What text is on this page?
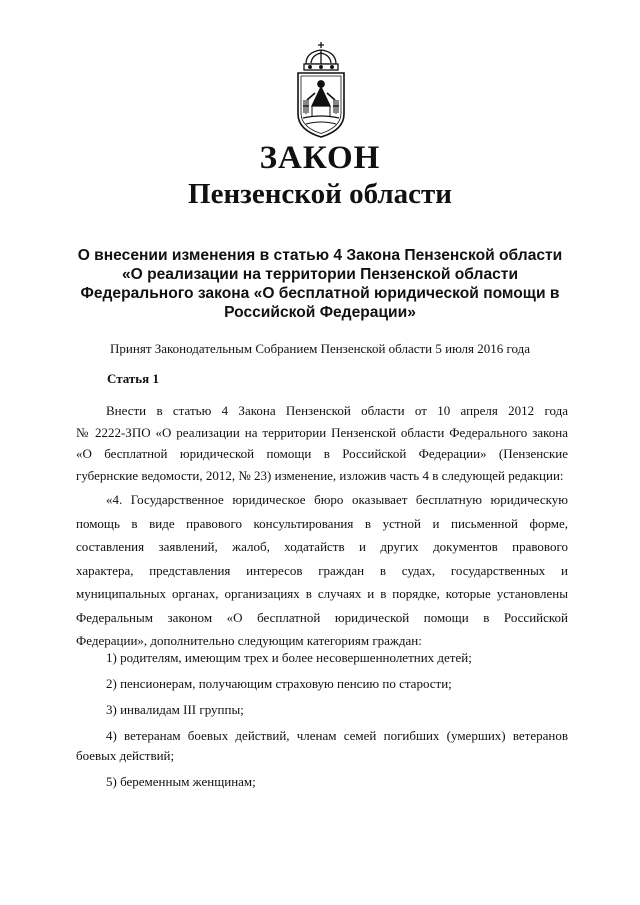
ЗАКОН
Пензенской области
О внесении изменения в статью 4 Закона Пензенской области
«О реализации на территории Пензенской области
Федерального закона «О бесплатной юридической помощи в
Российской Федерации»
Принят Законодательным Собранием Пензенской области 5 июля 2016 года
Статья 1
Внести в статью 4 Закона Пензенской области от 10 апреля 2012 года
№ 2222-ЗПО «О реализации на территории Пензенской области Федерального закона
«О бесплатной юридической помощи в Российской Федерации» (Пензенские
губернские ведомости, 2012, № 23) изменение, изложив часть 4 в следующей редакции:
«4. Государственное юридическое бюро оказывает бесплатную юридическую
помощь в виде правового консультирования в устной и письменной форме,
составления заявлений, жалоб, ходатайств и других документов правового
характера, представления интересов граждан в судах, государственных и
муниципальных органах, организациях в случаях и в порядке, которые установлены
Федеральным законом «О бесплатной юридической помощи в Российской
Федерации», дополнительно следующим категориям граждан:
1) родителям, имеющим трех и более несовершеннолетних детей;
2) пенсионерам, получающим страховую пенсию по старости;
3) инвалидам III группы;
4) ветеранам боевых действий, членам семей погибших (умерших) ветеранов
боевых действий;
5) беременным женщинам;
